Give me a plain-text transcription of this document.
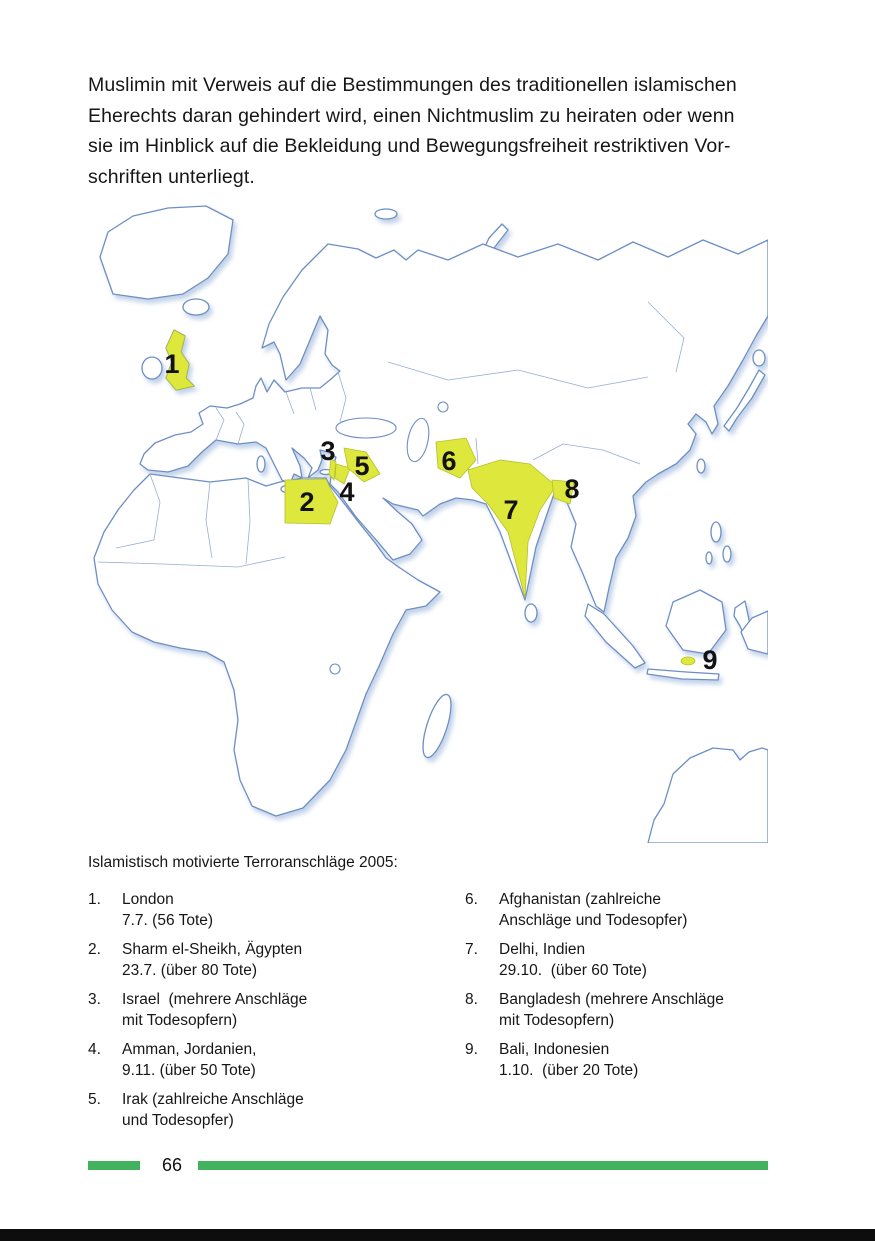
Muslimin mit Verweis auf die Bestimmungen des traditionellen islamischen
Eherechts daran gehindert wird, einen Nichtmuslim zu heiraten oder wenn
sie im Hinblick auf die Bekleidung und Bewegungsfreiheit restriktiven Vor-
schriften unterliegt.
1
2
3
4
5	6
7
8
9
Islamistisch motivierte Terroranschläge 2005:
1.	London
7.7. (56 Tote)
2.	Sharm el-Sheikh, Ägypten
23.7. (über 80 Tote)
3.	Israel  (mehrere Anschläge
mit Todesopfern)
4.	Amman, Jordanien,
9.11. (über 50 Tote)
5.	Irak (zahlreiche Anschläge
und Todesopfer)
6.	Afghanistan (zahlreiche
Anschläge und Todesopfer)
7.	Delhi, Indien
29.10.  (über 60 Tote)
8.	Bangladesh (mehrere Anschläge
mit Todesopfern)
9.	Bali, Indonesien
1.10.  (über 20 Tote)
66
